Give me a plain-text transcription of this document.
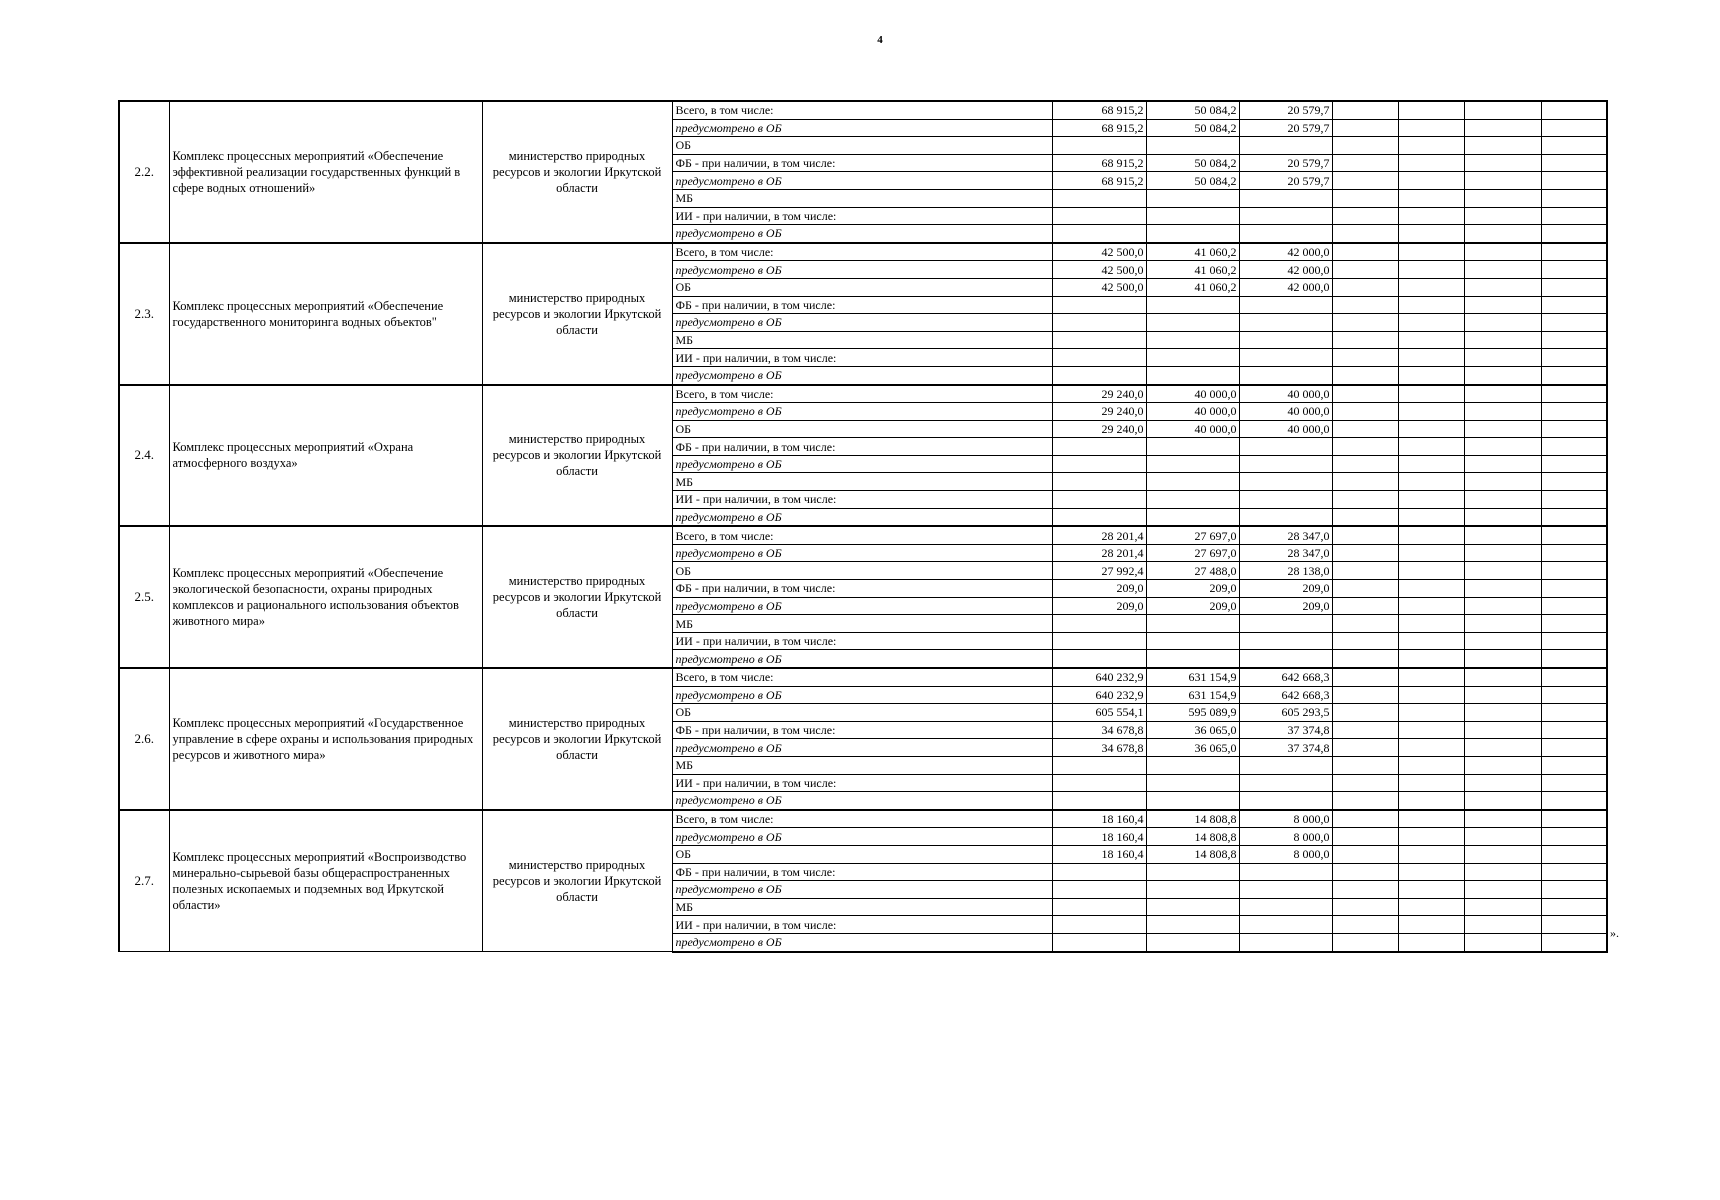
4
2.2.	Комплекс процессных мероприятий «Обеспечение эффективной реализации государственных функций в сфере водных отношений»	министерство природных ресурсов и экологии Иркутской области	Всего, в том числе:	68 915,2	50 084,2	20 579,7				
			предусмотрено в ОБ	68 915,2	50 084,2	20 579,7				
			ОБ							
			ФБ - при наличии, в том числе:	68 915,2	50 084,2	20 579,7				
			предусмотрено в ОБ	68 915,2	50 084,2	20 579,7				
			МБ							
			ИИ - при наличии, в том числе:							
			предусмотрено в ОБ							
2.3.	Комплекс процессных мероприятий «Обеспечение государственного мониторинга водных объектов"	министерство природных ресурсов и экологии Иркутской области	Всего, в том числе:	42 500,0	41 060,2	42 000,0				
			предусмотрено в ОБ	42 500,0	41 060,2	42 000,0				
			ОБ	42 500,0	41 060,2	42 000,0				
			ФБ - при наличии, в том числе:							
			предусмотрено в ОБ							
			МБ							
			ИИ - при наличии, в том числе:							
			предусмотрено в ОБ							
2.4.	Комплекс процессных мероприятий «Охрана атмосферного воздуха»	министерство природных ресурсов и экологии Иркутской области	Всего, в том числе:	29 240,0	40 000,0	40 000,0				
			предусмотрено в ОБ	29 240,0	40 000,0	40 000,0				
			ОБ	29 240,0	40 000,0	40 000,0				
			ФБ - при наличии, в том числе:							
			предусмотрено в ОБ							
			МБ							
			ИИ - при наличии, в том числе:							
			предусмотрено в ОБ							
2.5.	Комплекс процессных мероприятий «Обеспечение экологической безопасности, охраны природных комплексов и рационального использования объектов животного мира»	министерство природных ресурсов и экологии Иркутской области	Всего, в том числе:	28 201,4	27 697,0	28 347,0				
			предусмотрено в ОБ	28 201,4	27 697,0	28 347,0				
			ОБ	27 992,4	27 488,0	28 138,0				
			ФБ - при наличии, в том числе:	209,0	209,0	209,0				
			предусмотрено в ОБ	209,0	209,0	209,0				
			МБ							
			ИИ - при наличии, в том числе:							
			предусмотрено в ОБ							
2.6.	Комплекс процессных мероприятий «Государственное управление в сфере охраны и использования природных ресурсов и животного мира»	министерство природных ресурсов и экологии Иркутской области	Всего, в том числе:	640 232,9	631 154,9	642 668,3				
			предусмотрено в ОБ	640 232,9	631 154,9	642 668,3				
			ОБ	605 554,1	595 089,9	605 293,5				
			ФБ - при наличии, в том числе:	34 678,8	36 065,0	37 374,8				
			предусмотрено в ОБ	34 678,8	36 065,0	37 374,8				
			МБ							
			ИИ - при наличии, в том числе:							
			предусмотрено в ОБ							
2.7.	Комплекс процессных мероприятий «Воспроизводство минерально-сырьевой базы общераспространенных полезных ископаемых и подземных вод Иркутской области»	министерство природных ресурсов и экологии Иркутской области	Всего, в том числе:	18 160,4	14 808,8	8 000,0				
			предусмотрено в ОБ	18 160,4	14 808,8	8 000,0				
			ОБ	18 160,4	14 808,8	8 000,0				
			ФБ - при наличии, в том числе:							
			предусмотрено в ОБ							
			МБ							
			ИИ - при наличии, в том числе:							
			предусмотрено в ОБ							
».
